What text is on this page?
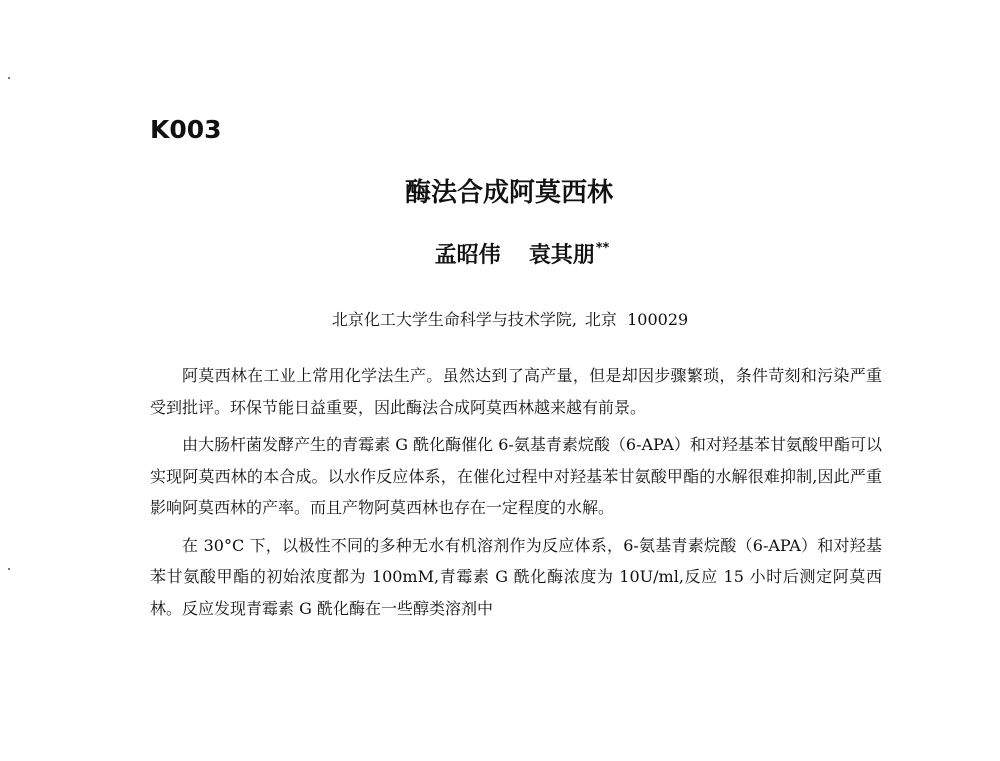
K003
酶法合成阿莫西林
孟昭伟 袁其朋**
北京化工大学生命科学与技术学院, 北京 100029

阿莫西林在工业上常用化学法生产。虽然达到了高产量，但是却因步骤繁琐，条件苛刻和污染严重受到批评。环保节能日益重要，因此酶法合成阿莫西林越来越有前景。

由大肠杆菌发酵产生的青霉素 G 酰化酶催化 6-氨基青素烷酸（6-APA）和对羟基苯甘氨酸甲酯可以实现阿莫西林的本合成。以水作反应体系，在催化过程中对羟基苯甘氨酸甲酯的水解很难抑制,因此严重影响阿莫西林的产率。而且产物阿莫西林也存在一定程度的水解。

在 30°C 下，以极性不同的多种无水有机溶剂作为反应体系，6-氨基青素烷酸（6-APA）和对羟基苯甘氨酸甲酯的初始浓度都为 100mM,青霉素 G 酰化酶浓度为 10U/ml,反应 15 小时后测定阿莫西林。反应发现青霉素 G 酰化酶在一些醇类溶剂中
